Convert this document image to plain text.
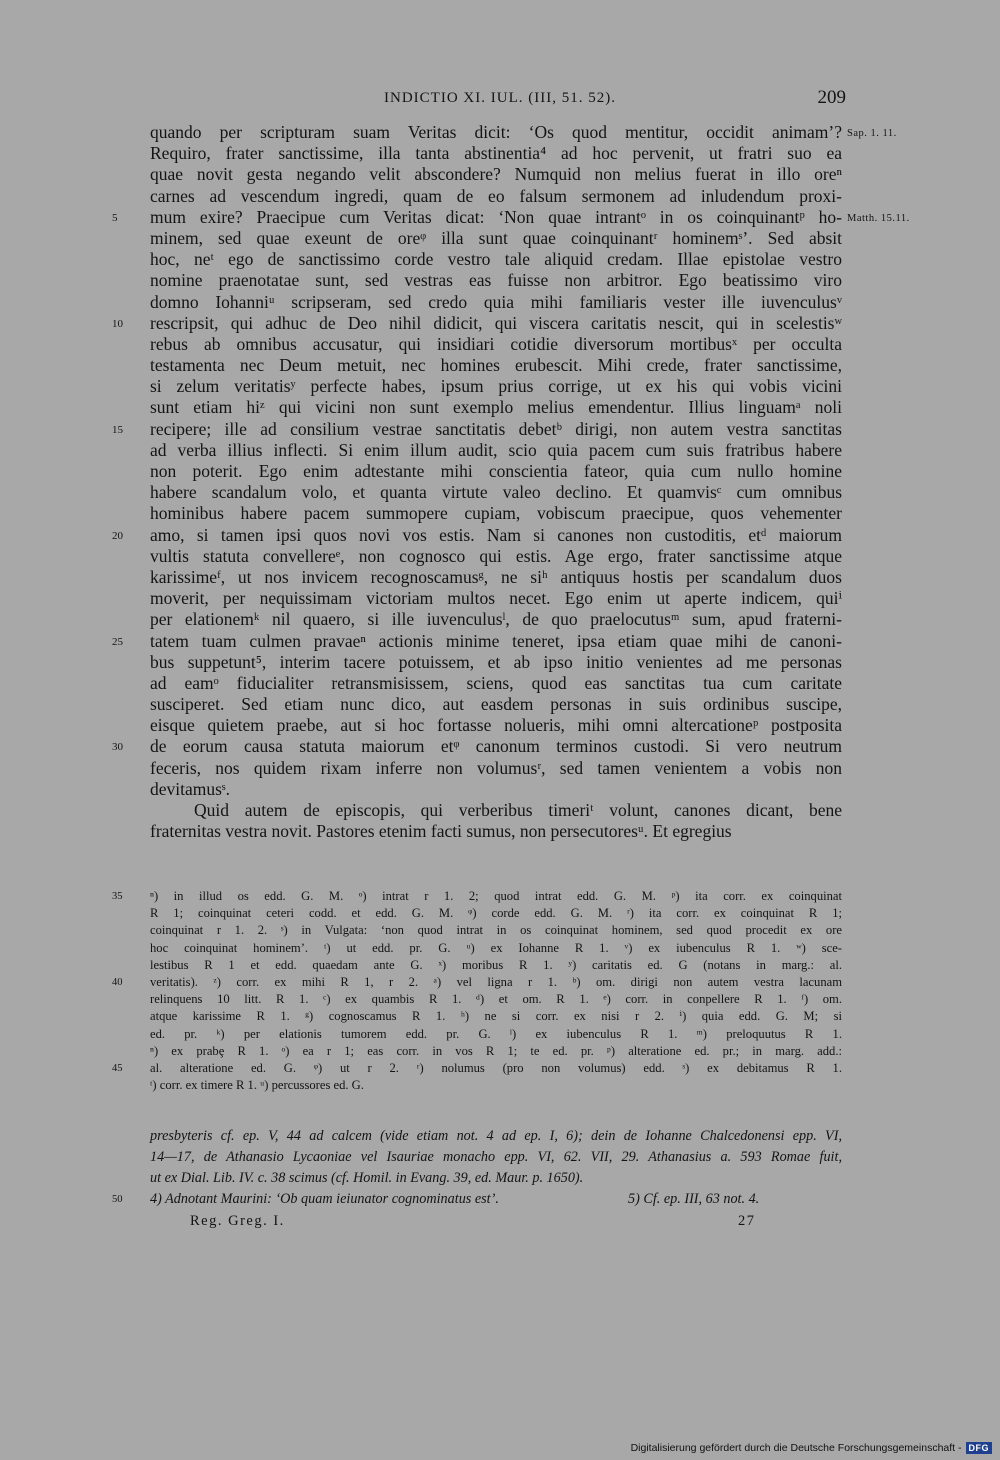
INDICTIO XI. IUL. (III, 51. 52).	209
quando per scripturam suam Veritas dicit: ‘Os quod mentitur, occidit animam’? Sap. 1. 11.
Requiro, frater sanctissime, illa tanta abstinentia⁴ ad hoc pervenit, ut fratri suo ea
quae novit gesta negando velit abscondere? Numquid non melius fuerat in illo oreⁿ
carnes ad vescendum ingredi, quam de eo falsum sermonem ad inludendum proxi-
5	mum exire? Praecipue cum Veritas dicat: ‘Non quae intrantᵒ in os coinquinantᵖ ho- Matth. 15.11.
minem, sed quae exeunt de oreᵠ illa sunt quae coinquinantʳ hominemˢ’. Sed absit
hoc, neᵗ ego de sanctissimo corde vestro tale aliquid credam. Illae epistolae vestro
nomine praenotatae sunt, sed vestras eas fuisse non arbitror. Ego beatissimo viro
domno Iohanniᵘ scripseram, sed credo quia mihi familiaris vester ille iuvenculusᵛ
10	rescripsit, qui adhuc de Deo nihil didicit, qui viscera caritatis nescit, qui in scelestisʷ
rebus ab omnibus accusatur, qui insidiari cotidie diversorum mortibusˣ per occulta
testamenta nec Deum metuit, nec homines erubescit. Mihi crede, frater sanctissime,
si zelum veritatisʸ perfecte habes, ipsum prius corrige, ut ex his qui vobis vicini
sunt etiam hiᶻ qui vicini non sunt exemplo melius emendentur. Illius linguamᵃ noli
15	recipere; ille ad consilium vestrae sanctitatis debetᵇ dirigi, non autem vestra sanctitas
ad verba illius inflecti. Si enim illum audit, scio quia pacem cum suis fratribus habere
non poterit. Ego enim adtestante mihi conscientia fateor, quia cum nullo homine
habere scandalum volo, et quanta virtute valeo declino. Et quamvisᶜ cum omnibus
hominibus habere pacem summopere cupiam, vobiscum praecipue, quos vehementer
20	amo, si tamen ipsi quos novi vos estis. Nam si canones non custoditis, etᵈ maiorum
vultis statuta convellereᵉ, non cognosco qui estis. Age ergo, frater sanctissime atque
karissimeᶠ, ut nos invicem recognoscamusᵍ, ne siʰ antiquus hostis per scandalum duos
moverit, per nequissimam victoriam multos necet. Ego enim ut aperte indicem, quiⁱ
per elationemᵏ nil quaero, si ille iuvenculusˡ, de quo praelocutusᵐ sum, apud fraterni-
25	tatem tuam culmen pravaeⁿ actionis minime teneret, ipsa etiam quae mihi de canoni-
bus suppetunt⁵, interim tacere potuissem, et ab ipso initio venientes ad me personas
ad eamᵒ fiducialiter retransmisissem, sciens, quod eas sanctitas tua cum caritate
susciperet. Sed etiam nunc dico, aut easdem personas in suis ordinibus suscipe,
eisque quietem praebe, aut si hoc fortasse nolueris, mihi omni altercationeᵖ postposita
30	de eorum causa statuta maiorum etᵠ canonum terminos custodi. Si vero neutrum
feceris, nos quidem rixam inferre non volumusʳ, sed tamen venientem a vobis non
devitamusˢ.
Quid autem de episcopis, qui verberibus timeriᵗ volunt, canones dicant, bene
fraternitas vestra novit. Pastores etenim facti sumus, non persecutoresᵘ. Et egregius
35	ⁿ) in illud os edd. G. M. ᵒ) intrat r 1. 2; quod intrat edd. G. M. ᵖ) ita corr. ex coinquinat
R 1; coinquinat ceteri codd. et edd. G. M. ᵠ) corde edd. G. M. ʳ) ita corr. ex coinquinat R 1;
coinquinat r 1. 2. ˢ) in Vulgata: ‘non quod intrat in os coinquinat hominem, sed quod procedit ex ore
hoc coinquinat hominem’. ᵗ) ut edd. pr. G. ᵘ) ex Iohanne R 1. ᵛ) ex iubenculus R 1. ʷ) sce-
lestibus R 1 et edd. quaedam ante G. ˣ) moribus R 1. ʸ) caritatis ed. G (notans in marg.: al.
40	veritatis). ᶻ) corr. ex mihi R 1, r 2. ᵃ) vel ligna r 1. ᵇ) om. dirigi non autem vestra lacunam
relinquens 10 litt. R 1. ᶜ) ex quambis R 1. ᵈ) et om. R 1. ᵉ) corr. in conpellere R 1. ᶠ) om.
atque karissime R 1. ᵍ) cognoscamus R 1. ʰ) ne si corr. ex nisi r 2. ⁱ) quia edd. G. M; si
ed. pr. ᵏ) per elationis tumorem edd. pr. G. ˡ) ex iubenculus R 1. ᵐ) preloquutus R 1.
ⁿ) ex prabȩ R 1. ᵒ) ea r 1; eas corr. in vos R 1; te ed. pr. ᵖ) alteratione ed. pr.; in marg. add.:
45	al. alteratione ed. G. ᵠ) ut r 2. ʳ) nolumus (pro non volumus) edd. ˢ) ex debitamus R 1.
ᵗ) corr. ex timere R 1. ᵘ) percussores ed. G.
presbyteris cf. ep. V, 44 ad calcem (vide etiam not. 4 ad ep. I, 6); dein de Iohanne Chalcedonensi epp. VI,
14—17, de Athanasio Lycaoniae vel Isauriae monacho epp. VI, 62. VII, 29. Athanasius a. 593 Romae fuit,
ut ex Dial. Lib. IV. c. 38 scimus (cf. Homil. in Evang. 39, ed. Maur. p. 1650).
50	4) Adnotant Maurini: ‘Ob quam ieiunator cognominatus est’.	5) Cf. ep. III, 63 not. 4.
Reg. Greg. I.	27
Digitalisierung gefördert durch die Deutsche Forschungsgemeinschaft - DFG
